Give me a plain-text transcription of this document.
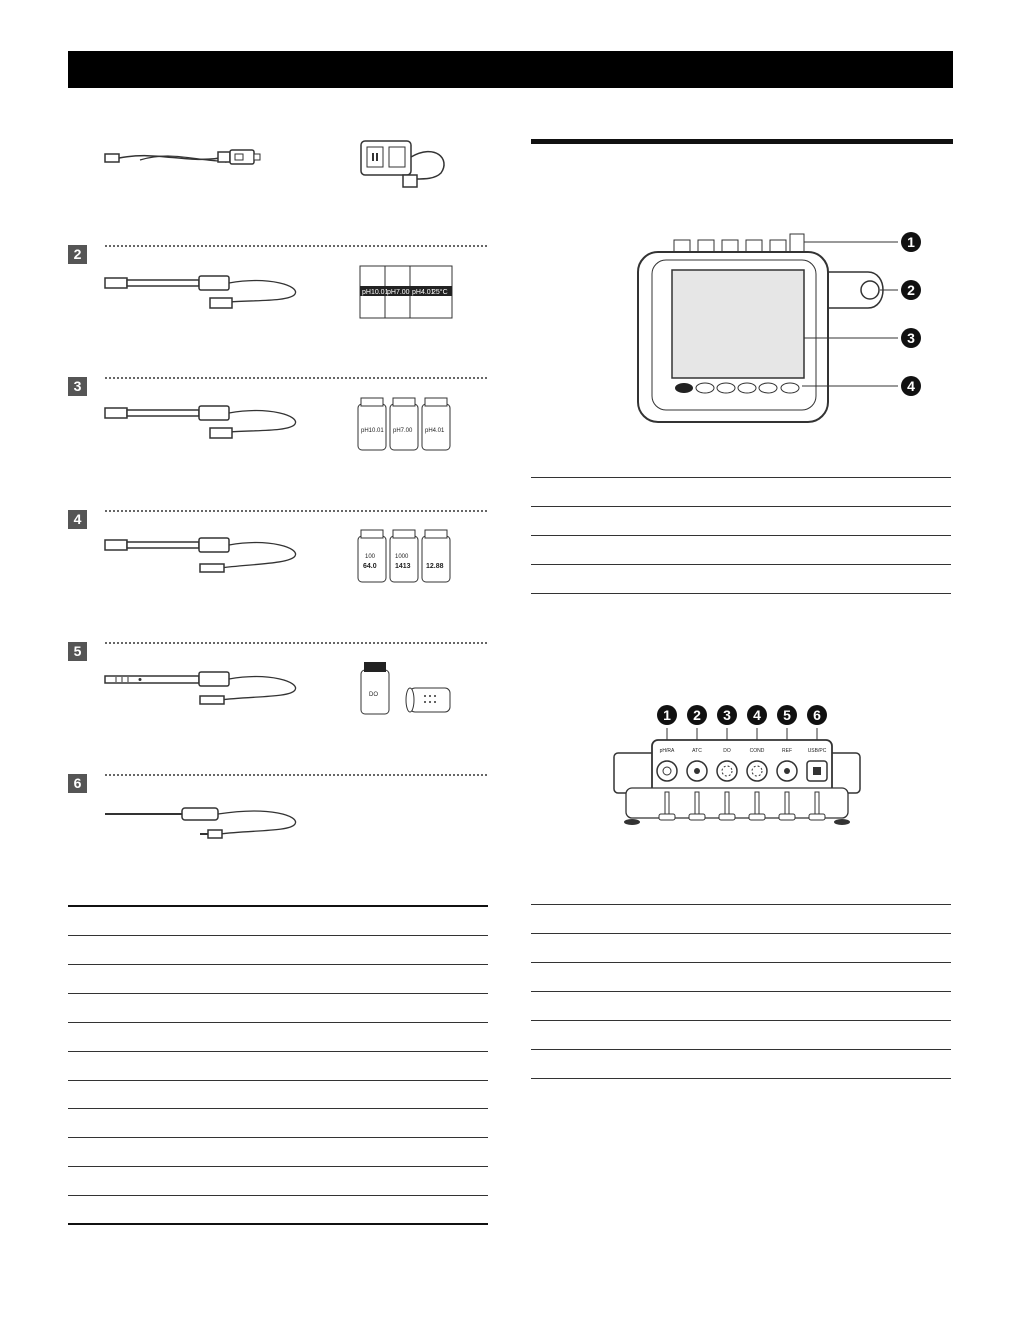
2
pH10.01
pH7.00 pH4.01
25°C
3
pH10.01 pH7.00 pH4.01
4
100	1000
64.0	1413 12.88
5
DO
6
1
2
3
4
1	2	3	4	5	6
pH/RA	ATC	DO	COND	REF	USB/PC
